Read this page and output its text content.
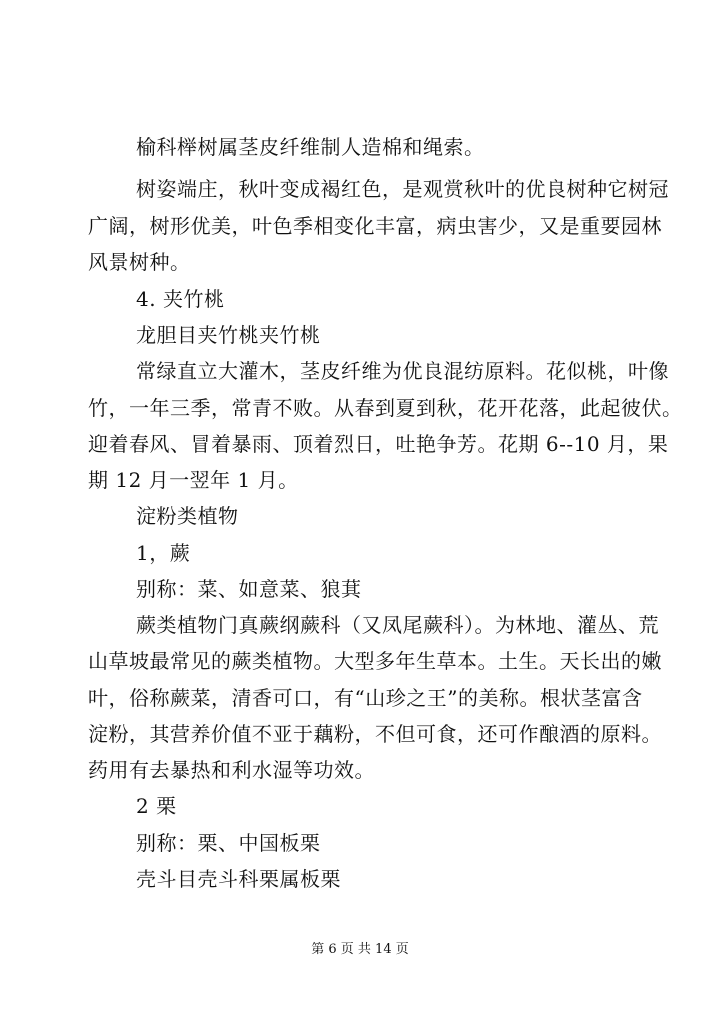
榆科榉树属茎皮纤维制人造棉和绳索。
树姿端庄，秋叶变成褐红色，是观赏秋叶的优良树种它树冠
广阔，树形优美，叶色季相变化丰富，病虫害少，又是重要园林
风景树种。
4. 夹竹桃
龙胆目夹竹桃夹竹桃
常绿直立大灌木，茎皮纤维为优良混纺原料。花似桃，叶像
竹，一年三季，常青不败。从春到夏到秋，花开花落，此起彼伏。
迎着春风、冒着暴雨、顶着烈日，吐艳争芳。花期 6--10 月，果
期 12 月一翌年 1 月。
淀粉类植物
1，蕨
别称：菜、如意菜、狼萁
蕨类植物门真蕨纲蕨科（又凤尾蕨科）。为林地、灌丛、荒
山草坡最常见的蕨类植物。大型多年生草本。土生。天长出的嫩
叶，俗称蕨菜，清香可口，有“山珍之王”的美称。根状茎富含
淀粉，其营养价值不亚于藕粉，不但可食，还可作酿酒的原料。
药用有去暴热和利水湿等功效。
2 栗
别称：栗、中国板栗
壳斗目壳斗科栗属板栗
第 6 页 共 14 页
